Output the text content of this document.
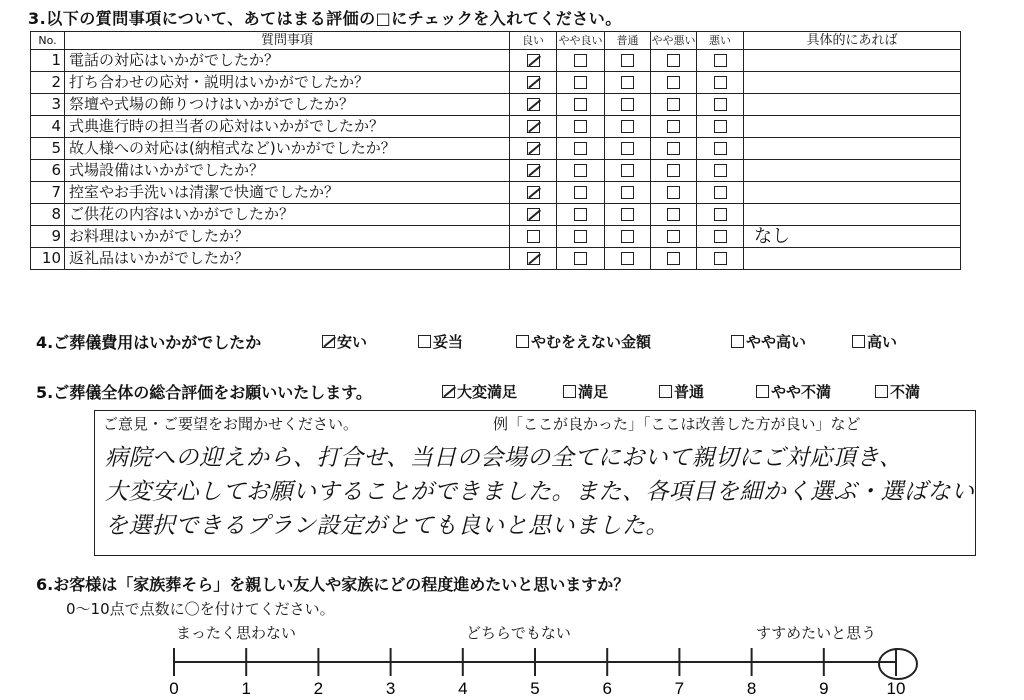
3.以下の質問事項について、あてはまる評価の□にチェックを入れてください。
No.	質問事項	良い	やや良い	普通	やや悪い	悪い	具体的にあれば
1	電話の対応はいかがでしたか？						
2	打ち合わせの応対・説明はいかがでしたか？						
3	祭壇や式場の飾りつけはいかがでしたか？						
4	式典進行時の担当者の応対はいかがでしたか？						
5	故人様への対応は(納棺式など)いかがでしたか？						
6	式場設備はいかがでしたか？						
7	控室やお手洗いは清潔で快適でしたか？						
8	ご供花の内容はいかがでしたか？						
9	お料理はいかがでしたか？						なし
10	返礼品はいかがでしたか？						
4.ご葬儀費用はいかがでしたか	安い	妥当	やむをえない金額	やや高い	高い
5.ご葬儀全体の総合評価をお願いいたします。	大変満足	満足	普通	やや不満	不満
ご意見・ご要望をお聞かせください。	例「ここが良かった」「ここは改善した方が良い」など
病院への迎えから、打合せ、当日の会場の全てにおいて親切にご対応頂き、
大変安心してお願いすることができました。また、各項目を細かく選ぶ・選ばない
を選択できるプラン設定がとても良いと思いました。
6.お客様は「家族葬そら」を親しい友人や家族にどの程度進めたいと思いますか？
0〜10点で点数に〇を付けてください。
まったく思わない	どちらでもない	すすめたいと思う
0	1	2	3	4	5	6	7	8	9	10
